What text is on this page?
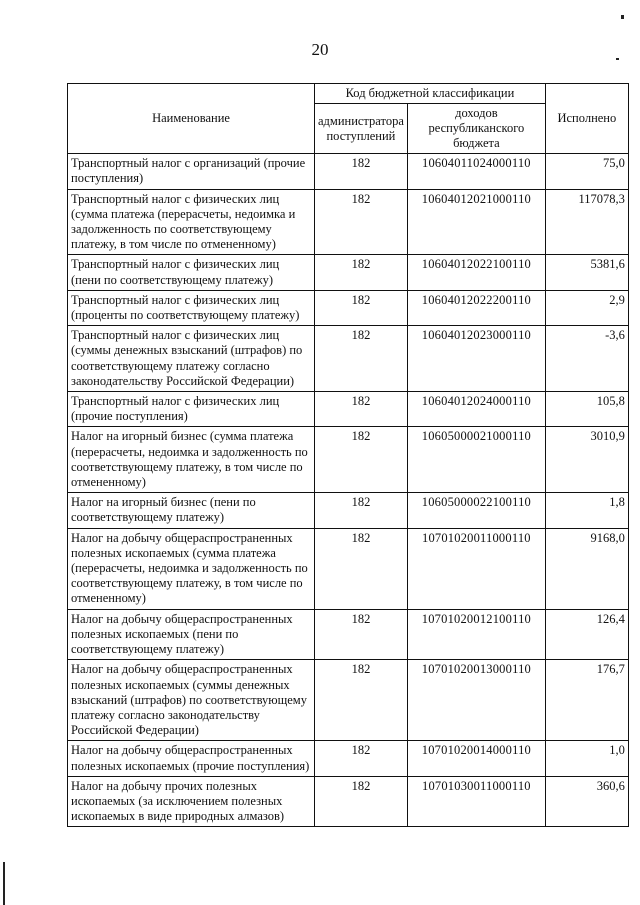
20
Наименование	Код бюджетной классификации		Исполнено
	администратора поступлений	доходов республиканского бюджета	
Транспортный налог с организаций (прочие поступления)	182	10604011024000110	75,0
Транспортный налог с физических лиц (сумма платежа (перерасчеты, недоимка и задолженность по соответствующему платежу, в том числе по отмененному)	182	10604012021000110	117078,3
Транспортный налог с физических лиц (пени по соответствующему платежу)	182	10604012022100110	5381,6
Транспортный налог с физических лиц (проценты по соответствующему платежу)	182	10604012022200110	2,9
Транспортный налог с физических лиц (суммы денежных взысканий (штрафов) по соответствующему платежу согласно законодательству Российской Федерации)	182	10604012023000110	-3,6
Транспортный налог с физических лиц (прочие поступления)	182	10604012024000110	105,8
Налог на игорный бизнес (сумма платежа (перерасчеты, недоимка и задолженность по соответствующему платежу, в том числе по отмененному)	182	10605000021000110	3010,9
Налог на игорный бизнес (пени по соответствующему платежу)	182	10605000022100110	1,8
Налог на добычу общераспространенных полезных ископаемых (сумма платежа (перерасчеты, недоимка и задолженность по соответствующему платежу, в том числе по отмененному)	182	10701020011000110	9168,0
Налог на добычу общераспространенных полезных ископаемых (пени по соответствующему платежу)	182	10701020012100110	126,4
Налог на добычу общераспространенных полезных ископаемых (суммы денежных взысканий (штрафов) по соответствующему платежу согласно законодательству Российской Федерации)	182	10701020013000110	176,7
Налог на добычу общераспространенных полезных ископаемых (прочие поступления)	182	10701020014000110	1,0
Налог на добычу прочих полезных ископаемых (за исключением полезных ископаемых в виде природных алмазов)	182	10701030011000110	360,6
